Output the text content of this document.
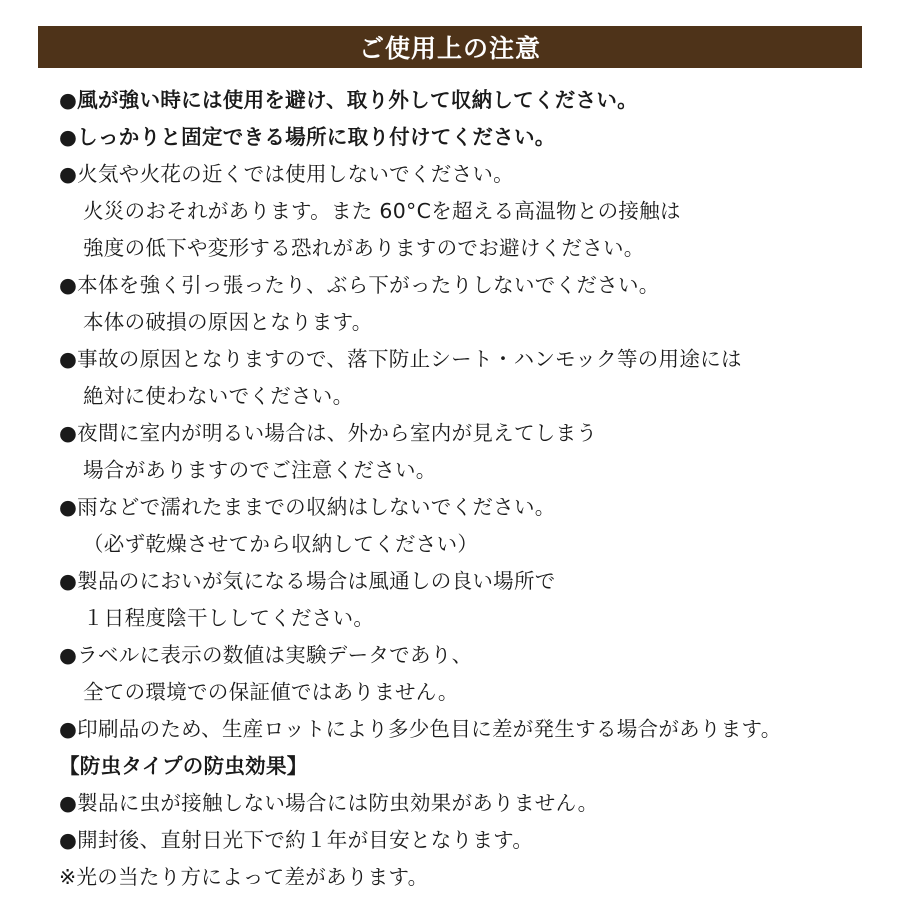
ご使用上の注意
●風が強い時には使用を避け、取り外して収納してください。
●しっかりと固定できる場所に取り付けてください。
●火気や火花の近くでは使用しないでください。
火災のおそれがあります。また 60°Cを超える高温物との接触は
強度の低下や変形する恐れがありますのでお避けください。
●本体を強く引っ張ったり、ぶら下がったりしないでください。
本体の破損の原因となります。
●事故の原因となりますので、落下防止シート・ハンモック等の用途には
絶対に使わないでください。
●夜間に室内が明るい場合は、外から室内が見えてしまう
場合がありますのでご注意ください。
●雨などで濡れたままでの収納はしないでください。
（必ず乾燥させてから収納してください）
●製品のにおいが気になる場合は風通しの良い場所で
１日程度陰干ししてください。
●ラベルに表示の数値は実験データであり、
全ての環境での保証値ではありません。
●印刷品のため、生産ロットにより多少色目に差が発生する場合があります。
【防虫タイプの防虫効果】
●製品に虫が接触しない場合には防虫効果がありません。
●開封後、直射日光下で約１年が目安となります。
※光の当たり方によって差があります。
